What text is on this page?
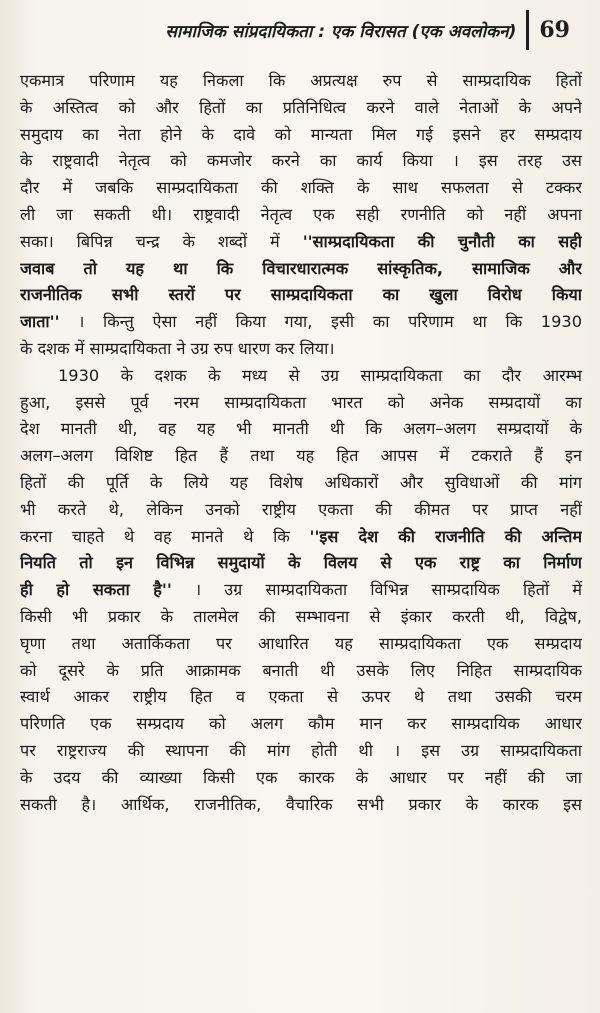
सामाजिक सांप्रदायिकता : एक विरासत (एक अवलोकन) 69
एकमात्र परिणाम यह निकला कि अप्रत्यक्ष रुप से साम्प्रदायिक हितों
के अस्तित्व को और हितों का प्रतिनिधित्व करने वाले नेताओं के अपने
समुदाय का नेता होने के दावे को मान्यता मिल गई इसने हर सम्प्रदाय
के राष्ट्रवादी नेतृत्व को कमजोर करने का कार्य किया । इस तरह उस
दौर में जबकि साम्प्रदायिकता की शक्ति के साथ सफलता से टक्कर
ली जा सकती थी। राष्ट्रवादी नेतृत्व एक सही रणनीति को नहीं अपना
सका। बिपिन्न चन्द्र के शब्दों में ''साम्प्रदायिकता की चुनौती का सही
जवाब तो यह था कि विचारधारात्मक सांस्कृतिक, सामाजिक और
राजनीतिक सभी स्तरों पर साम्प्रदायिकता का खुला विरोध किया
जाता'' । किन्तु ऐसा नहीं किया गया, इसी का परिणाम था कि 1930
के दशक में साम्प्रदायिकता ने उग्र रुप धारण कर लिया।
1930 के दशक के मध्य से उग्र साम्प्रदायिकता का दौर आरम्भ
हुआ, इससे पूर्व नरम साम्प्रदायिकता भारत को अनेक सम्प्रदायों का
देश मानती थी, वह यह भी मानती थी कि अलग–अलग सम्प्रदायों के
अलग–अलग विशिष्ट हित हैं तथा यह हित आपस में टकराते हैं इन
हितों की पूर्ति के लिये यह विशेष अधिकारों और सुविधाओं की मांग
भी करते थे, लेकिन उनको राष्ट्रीय एकता की कीमत पर प्राप्त नहीं
करना चाहते थे वह मानते थे कि ''इस देश की राजनीति की अन्तिम
नियति तो इन विभिन्न समुदायों के विलय से एक राष्ट्र का निर्माण
ही हो सकता है'' । उग्र साम्प्रदायिकता विभिन्न साम्प्रदायिक हितों में
किसी भी प्रकार के तालमेल की सम्भावना से इंकार करती थी, विद्वेष,
घृणा तथा अतार्किकता पर आधारित यह साम्प्रदायिकता एक सम्प्रदाय
को दूसरे के प्रति आक्रामक बनाती थी उसके लिए निहित साम्प्रदायिक
स्वार्थ आकर राष्ट्रीय हित व एकता से ऊपर थे तथा उसकी चरम
परिणति एक सम्प्रदाय को अलग कौम मान कर साम्प्रदायिक आधार
पर राष्ट्रराज्य की स्थापना की मांग होती थी । इस उग्र साम्प्रदायिकता
के उदय की व्याख्या किसी एक कारक के आधार पर नहीं की जा
सकती है। आर्थिक, राजनीतिक, वैचारिक सभी प्रकार के कारक इस
